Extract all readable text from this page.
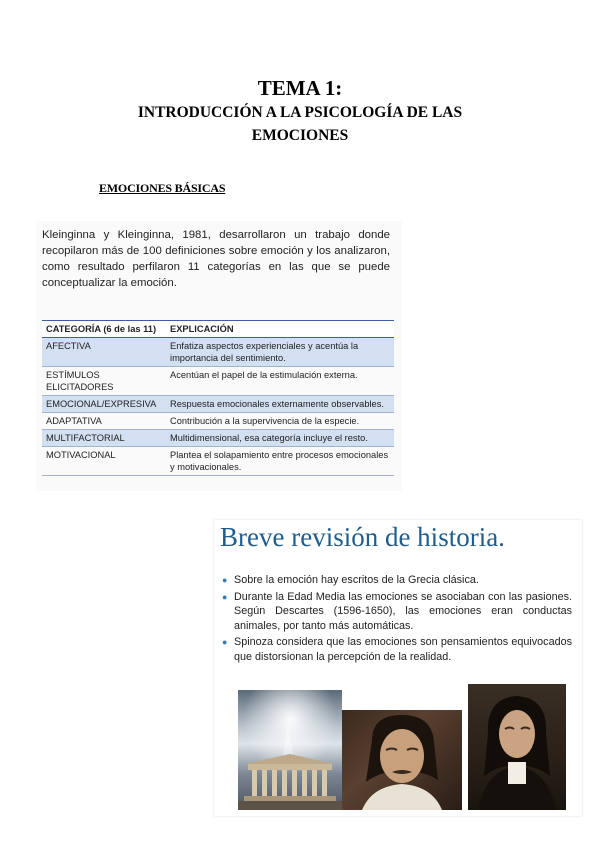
TEMA 1:
INTRODUCCIÓN A LA PSICOLOGÍA DE LAS
EMOCIONES
EMOCIONES BÁSICAS
Kleinginna y Kleinginna, 1981, desarrollaron un trabajo donde recopilaron más de 100 definiciones sobre emoción y los analizaron, como resultado perfilaron 11 categorías en las que se puede conceptualizar la emoción.
CATEGORÍA (6 de las 11)	EXPLICACIÓN
AFECTIVA	Enfatiza aspectos experienciales y acentúa la importancia del sentimiento.
ESTÍMULOS ELICITADORES	Acentúan el papel de la estimulación externa.
EMOCIONAL/EXPRESIVA	Respuesta emocionales externamente observables.
ADAPTATIVA	Contribución a la supervivencia de la especie.
MULTIFACTORIAL	Multidimensional, esa categoría incluye el resto.
MOTIVACIONAL	Plantea el solapamiento entre procesos emocionales y motivacionales.
Breve revisión de historia.
● Sobre la emoción hay escritos de la Grecia clásica.
● Durante la Edad Media las emociones se asociaban con las pasiones. Según Descartes (1596-1650), las emociones eran conductas animales, por tanto más automáticas.
● Spinoza considera que las emociones son pensamientos equivocados que distorsionan la percepción de la realidad.
